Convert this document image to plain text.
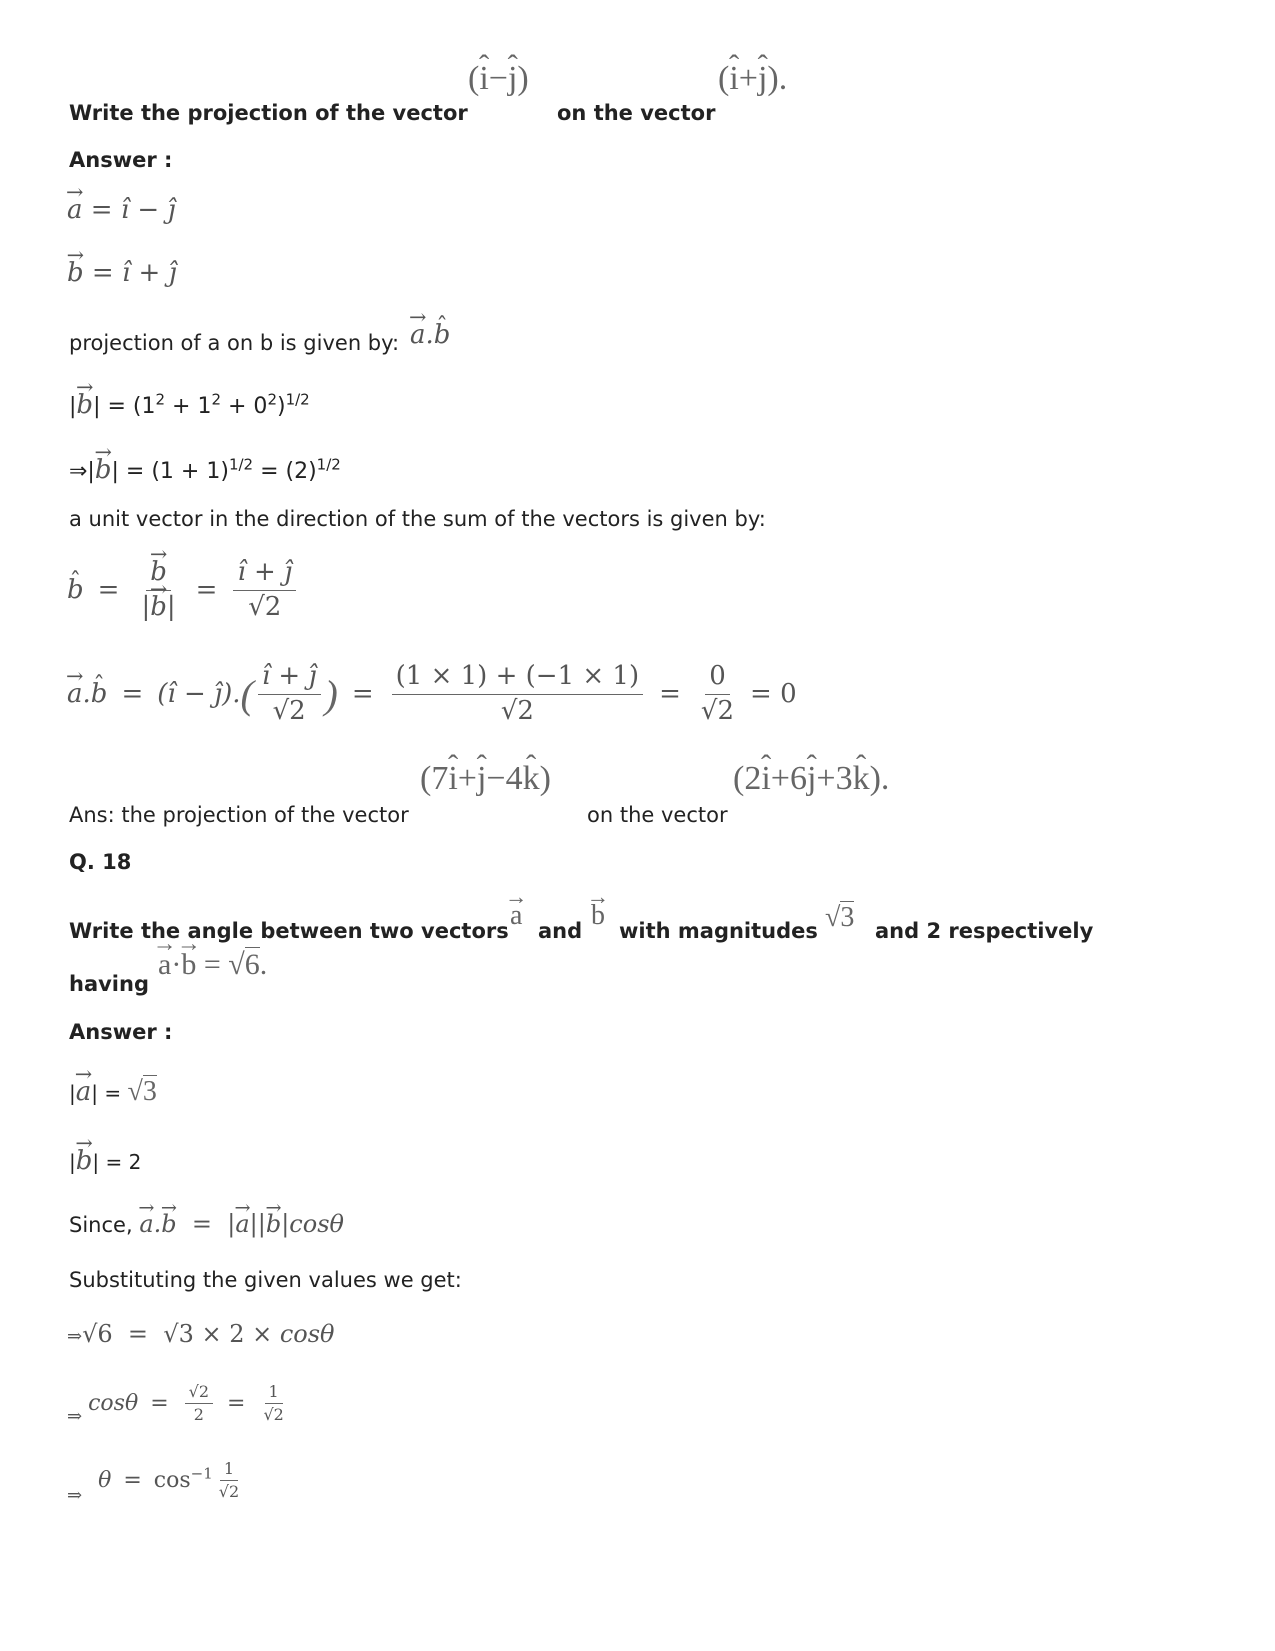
Write the projection of the vector
(ˆ i−ˆ j)
on the vector
(ˆ i+ˆ j).
Answer :
→ a = î − ĵ
→ b = î + ĵ
projection of a on b is given by: → a.ˆ b
|→ $b| = (1^2 + 1^2 + 0^2)^{1/2}$
⇒|→ $b| = (1 + 1)^{1/2} = (2)^{1/2}$
a unit vector in the direction of the sum of the vectors is given by:
ˆ b = → $\frac{b}{|\to b|} = \frac{î + ĵ}{√2}$
→ a . ˆ b = (î − ĵ). ( $\frac{î + ĵ}{√2}$ ) = $\frac{(1 \times 1) + (-1 \times 1)}{√2} = \frac{0}{√2} = 0$
Ans: the projection of the vector
(7ˆ i+ˆ j−4ˆ k)
on the vector
(2ˆ i+6ˆ j+3ˆ k).
Q. 18
Write the angle between two vectors → a and → b with magnitudes √3 and 2 respectively
having
→ a·→ b = √6.
Answer :
|→ a| = √3
|→ b| = 2
Since, → a.→ b  =  |→ a||→ b|cosθ
Substituting the given values we get:
⇒√6  =  √3 × 2 × cosθ
⇒
$\cos\theta = \frac{√2}{2} = \frac{1}{√2}$
⇒
$\theta = \cos^{-1} \frac{1}{√2}$
